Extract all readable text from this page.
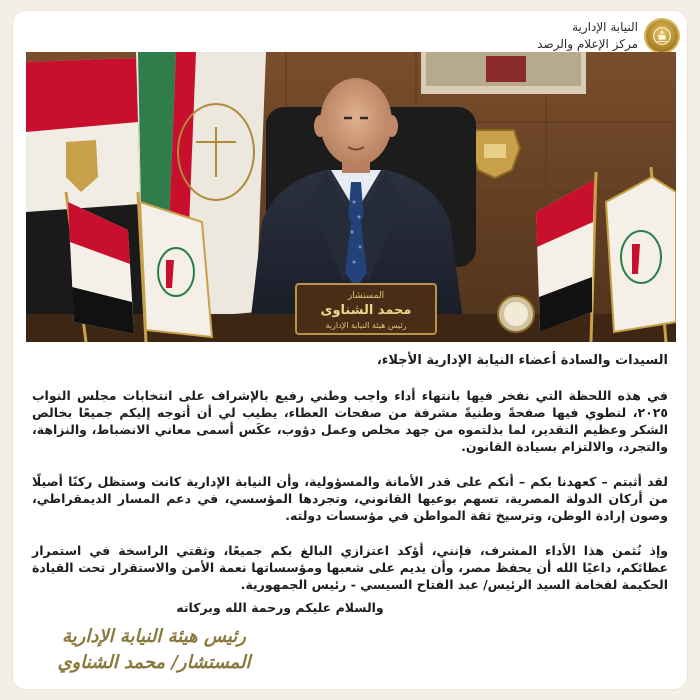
النيابة الإدارية
مركز الإعلام والرصد
المستشار
محمد الشناوى
رئيس هيئة النيابة الإدارية

السيدات والسادة أعضاء النيابة الإدارية الأجلاء،

في هذه اللحظة التي نفخر فيها بانتهاء أداء واجب وطني رفيع بالإشراف على انتخابات مجلس النواب ٢٠٢٥، لنطوي فيها صفحةً وطنيةً مشرفة من صفحات العطاء، يطيب لي أن أتوجه إليكم جميعًا بخالص الشكر وعظيم التقدير، لما بذلتموه من جهد مخلص وعمل دؤوب، عكَس أسمى معاني الانضباط، والنزاهة، والتجرد، والالتزام بسيادة القانون.

لقد أثبتم – كعهدنا بكم – أنكم على قدر الأمانة والمسؤولية، وأن النيابة الإدارية كانت وستظل ركنًا أصيلًا من أركان الدولة المصرية، تسهم بوعيها القانوني، وتجردها المؤسسي، في دعم المسار الديمقراطي، وصون إرادة الوطن، وترسيخ ثقة المواطن في مؤسسات دولته.

وإذ نُثمن هذا الأداء المشرف، فإنني، أؤكد اعتزازي البالغ بكم جميعًا، وثقتي الراسخة في استمرار عطائكم، داعيًا الله أن يحفظ مصر، وأن يديم على شعبها ومؤسساتها نعمة الأمن والاستقرار تحت القيادة الحكيمة لفخامة السيد الرئيس/ عبد الفتاح السيسي - رئيس الجمهورية.

والسلام عليكم ورحمة الله وبركاته

رئيس هيئة النيابة الإدارية
المستشار/ محمد الشناوي
